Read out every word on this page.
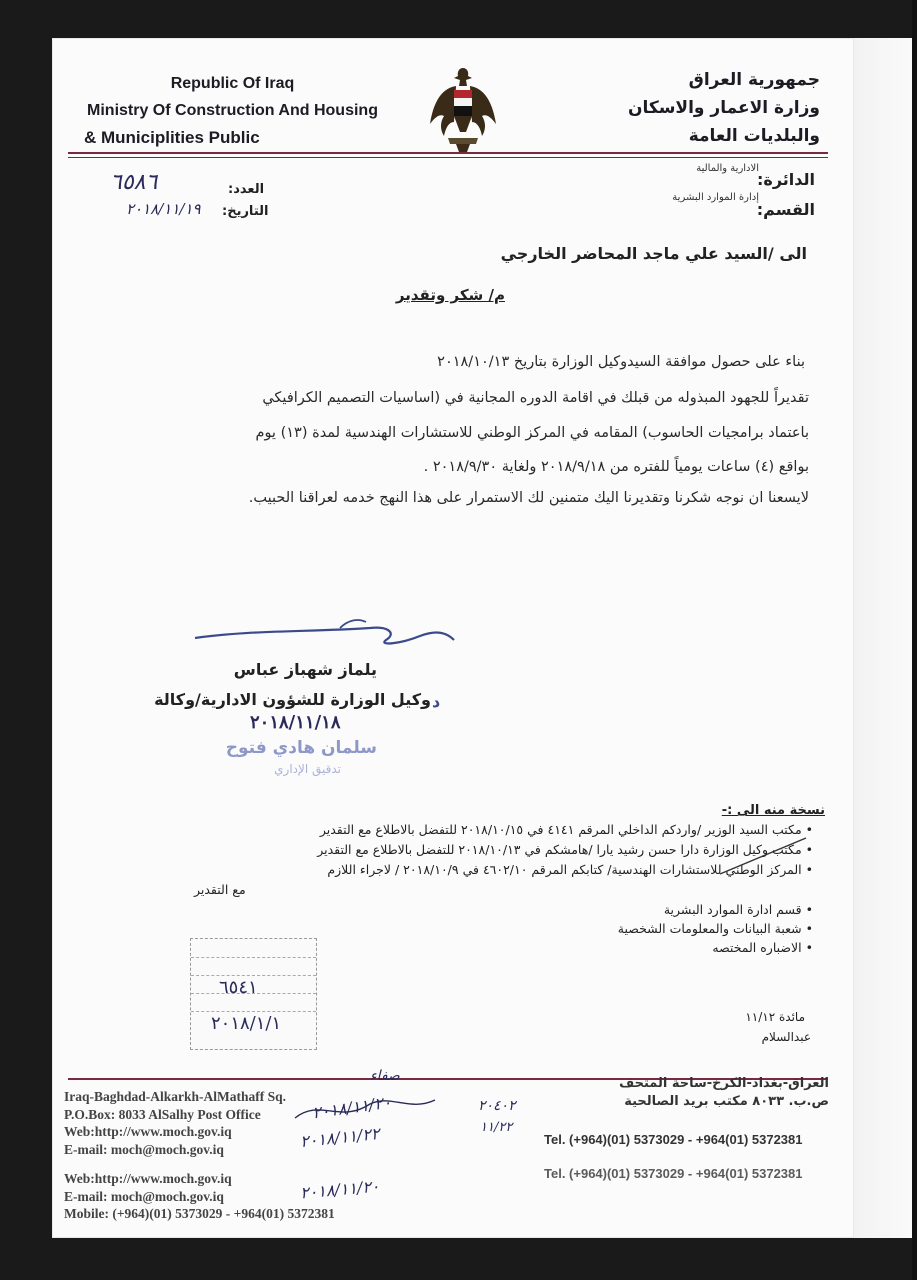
Republic Of Iraq
Ministry Of Construction And Housing
& Municiplities Public
جمهورية العراق
وزارة الاعمار والاسكان
والبلديات العامة
الدائرة:
الادارية والمالية
القسم:
إدارة الموارد البشرية
العدد:
٦٥٨٦
التاريخ:
٢٠١٨/١١/١٩
الى /السيد علي ماجد المحاضر الخارجي
م/ شكر وتقدير
بناء على حصول موافقة السيدوكيل الوزارة بتاريخ ٢٠١٨/١٠/١٣
تقديراً للجهود المبذوله من قبلك في اقامة الدوره المجانية في (اساسيات التصميم الكرافيكي
باعتماد برامجيات الحاسوب) المقامه في المركز الوطني للاستشارات الهندسية لمدة (١٣) يوم
بواقع (٤) ساعات يومياً للفتره من ٢٠١٨/٩/١٨ ولغاية ٢٠١٨/٩/٣٠ .
لايسعنا ان نوجه شكرنا وتقديرنا اليك متمنين لك الاستمرار على هذا النهج خدمه لعراقنا الحبيب.
يلماز شهباز عباس
وكيل الوزارة للشؤون الادارية/وكالة د
٢٠١٨/١١/١٨
سلمان هادي فتوح
تدقيق الإداري
نسخة منه الى :-
• مكتب السيد الوزير /واردكم الداخلي المرقم ٤١٤١ في ٢٠١٨/١٠/١٥ للتفضل بالاطلاع مع التقدير
• مكتب وكيل الوزارة دارا حسن رشيد يارا /هامشكم في ٢٠١٨/١٠/١٣ للتفضل بالاطلاع مع التقدير
• المركز الوطني للاستشارات الهندسية/ كتابكم المرقم ٤٦٠٢/١٠ في ٢٠١٨/١٠/٩ / لاجراء اللازم
مع التقدير
• قسم ادارة الموارد البشرية
• شعبة البيانات والمعلومات الشخصية
• الاضباره المختصه
٦٥٤١
٢٠١٨/١/١	مائدة ١١/١٢
عبدالسلام
Iraq-Baghdad-Alkarkh-AlMathaff Sq.
P.O.Box: 8033 AlSalhy Post Office
Web:http://www.moch.gov.iq
E-mail: moch@moch.gov.iq
Web:http://www.moch.gov.iq
E-mail: moch@moch.gov.iq
Mobile: (+964)(01) 5373029 - +964(01) 5372381
العراق-بغداد-الكرخ-ساحة المتحف
ص.ب. ٨٠٣٣ مكتب بريد الصالحية
Tel. (+964)(01) 5373029 - +964(01) 5372381
Tel. (+964)(01) 5373029 - +964(01) 5372381
صفاء
٢٠١٨/١١/٢٠
٢٠١٨/١١/٢٢
٢٠٤٠٢
١١/٢٢
٢٠١٨/١١/٢٠
